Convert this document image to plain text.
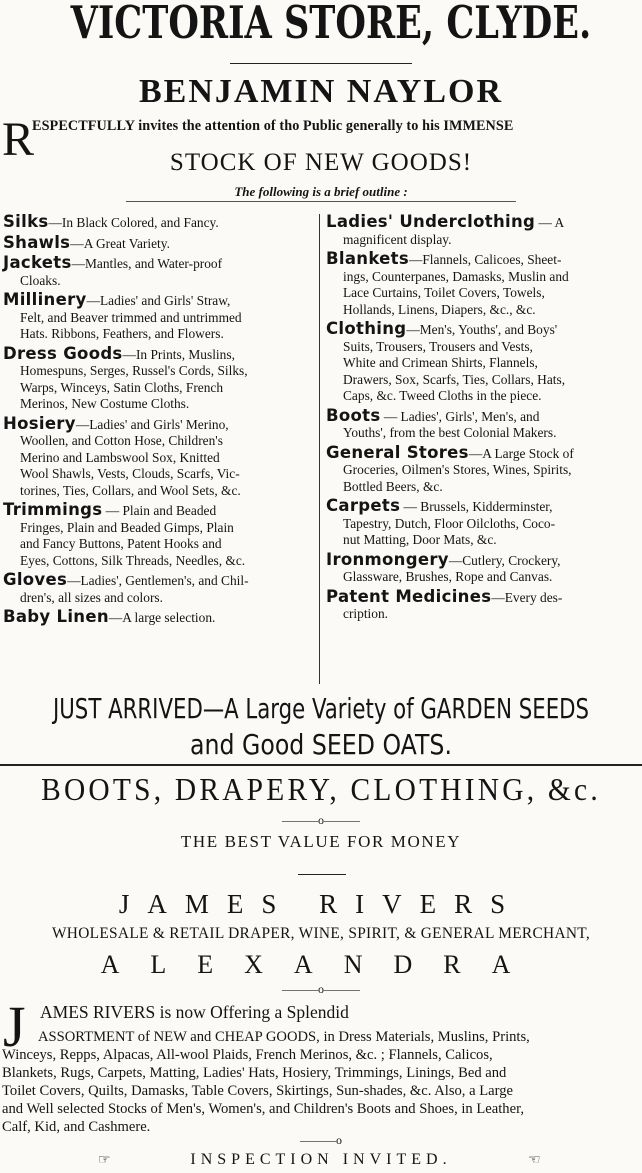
VICTORIA STORE, CLYDE.
BENJAMIN NAYLOR
R
ESPECTFULLY invites the attention of tho Public generally to his IMMENSE
STOCK OF NEW GOODS!
The following is a brief outline :
Silks—In Black Colored, and Fancy.
Shawls—A Great Variety.
Jackets—Mantles, and Water-proof
Cloaks.
Millinery—Ladies' and Girls' Straw,
Felt, and Beaver trimmed and untrimmed
Hats. Ribbons, Feathers, and Flowers.
Dress Goods—In Prints, Muslins,
Homespuns, Serges, Russel's Cords, Silks,
Warps, Winceys, Satin Cloths, French
Merinos, New Costume Cloths.
Hosiery—Ladies' and Girls' Merino,
Woollen, and Cotton Hose, Children's
Merino and Lambswool Sox, Knitted
Wool Shawls, Vests, Clouds, Scarfs, Vic-
torines, Ties, Collars, and Wool Sets, &c.
Trimmings — Plain and Beaded
Fringes, Plain and Beaded Gimps, Plain
and Fancy Buttons, Patent Hooks and
Eyes, Cottons, Silk Threads, Needles, &c.
Gloves—Ladies', Gentlemen's, and Chil-
dren's, all sizes and colors.
Baby Linen—A large selection.
Ladies' Underclothing — A
magnificent display.
Blankets—Flannels, Calicoes, Sheet-
ings, Counterpanes, Damasks, Muslin and
Lace Curtains, Toilet Covers, Towels,
Hollands, Linens, Diapers, &c., &c.
Clothing—Men's, Youths', and Boys'
Suits, Trousers, Trousers and Vests,
White and Crimean Shirts, Flannels,
Drawers, Sox, Scarfs, Ties, Collars, Hats,
Caps, &c. Tweed Cloths in the piece.
Boots — Ladies', Girls', Men's, and
Youths', from the best Colonial Makers.
General Stores—A Large Stock of
Groceries, Oilmen's Stores, Wines, Spirits,
Bottled Beers, &c.
Carpets — Brussels, Kidderminster,
Tapestry, Dutch, Floor Oilcloths, Coco-
nut Matting, Door Mats, &c.
Ironmongery—Cutlery, Crockery,
Glassware, Brushes, Rope and Canvas.
Patent Medicines—Every des-
cription.
JUST ARRIVED—A Large Variety of GARDEN SEEDS
and Good SEED OATS.
BOOTS, DRAPERY, CLOTHING, &c.
———o———
THE BEST VALUE FOR MONEY
JAMES RIVERS
WHOLESALE & RETAIL DRAPER, WINE, SPIRIT, & GENERAL MERCHANT,
ALEXANDRA
———o———
J AMES RIVERS is now Offering a Splendid
ASSORTMENT of NEW and CHEAP GOODS, in Dress Materials, Muslins, Prints,
Winceys, Repps, Alpacas, All-wool Plaids, French Merinos, &c. ; Flannels, Calicos,
Blankets, Rugs, Carpets, Matting, Ladies' Hats, Hosiery, Trimmings, Linings, Bed and
Toilet Covers, Quilts, Damasks, Table Covers, Skirtings, Sun-shades, &c. Also, a Large
and Well selected Stocks of Men's, Women's, and Children's Boots and Shoes, in Leather,
Calf, Kid, and Cashmere.
———o
☞	INSPECTION INVITED.	☜
